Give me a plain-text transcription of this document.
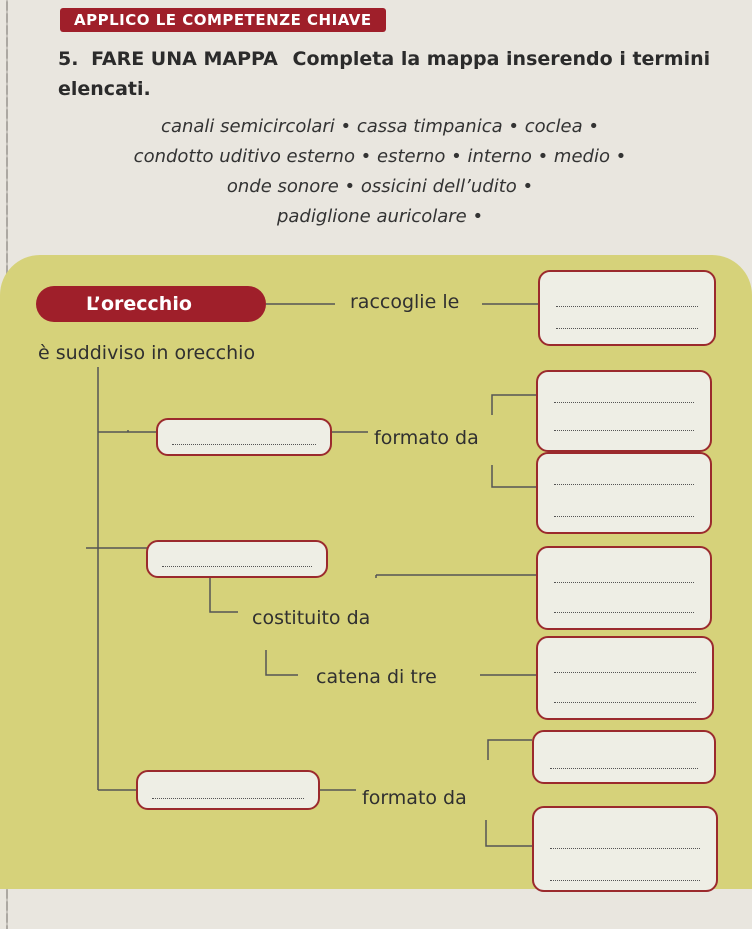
APPLICO LE COMPETENZE CHIAVE
5. FARE UNA MAPPA Completa la mappa inserendo i termini elencati.
canali semicircolari • cassa timpanica • coclea •
condotto uditivo esterno • esterno • interno • medio •
onde sonore • ossicini dell’udito •
padiglione auricolare •
L’orecchio	raccoglie le
è suddiviso in orecchio
formato da
costituito da
catena di tre
formato da
